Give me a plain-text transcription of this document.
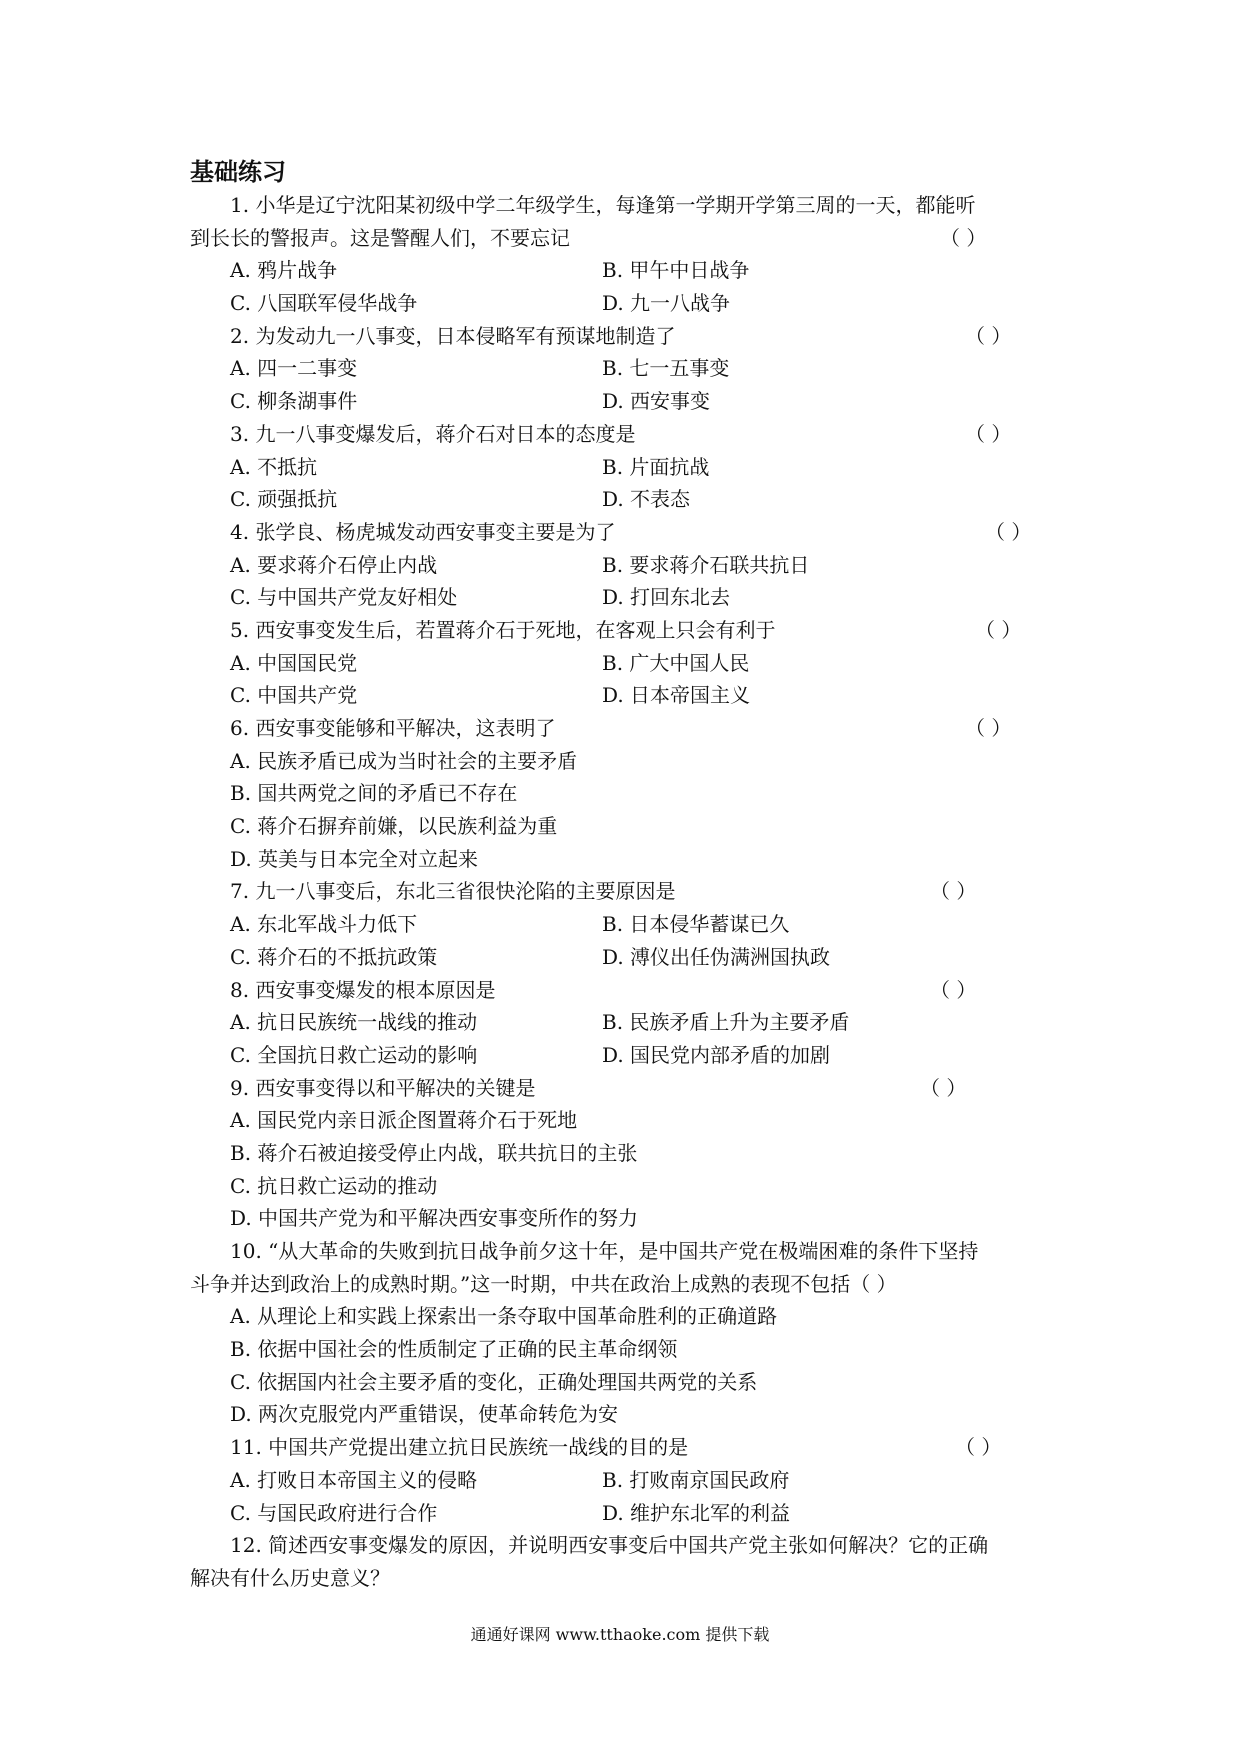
基础练习
1. 小华是辽宁沈阳某初级中学二年级学生，每逢第一学期开学第三周的一天，都能听
到长长的警报声。这是警醒人们，不要忘记	（ ）
A. 鸦片战争	B. 甲午中日战争
C. 八国联军侵华战争	D. 九一八战争
2. 为发动九一八事变，日本侵略军有预谋地制造了	（ ）
A. 四一二事变	B. 七一五事变
C. 柳条湖事件	D. 西安事变
3. 九一八事变爆发后，蒋介石对日本的态度是	（ ）
A. 不抵抗	B. 片面抗战
C. 顽强抵抗	D. 不表态
4. 张学良、杨虎城发动西安事变主要是为了	（ ）
A. 要求蒋介石停止内战	B. 要求蒋介石联共抗日
C. 与中国共产党友好相处	D. 打回东北去
5. 西安事变发生后，若置蒋介石于死地，在客观上只会有利于	（ ）
A. 中国国民党	B. 广大中国人民
C. 中国共产党	D. 日本帝国主义
6. 西安事变能够和平解决，这表明了	（ ）
A. 民族矛盾已成为当时社会的主要矛盾
B. 国共两党之间的矛盾已不存在
C. 蒋介石摒弃前嫌，以民族利益为重
D. 英美与日本完全对立起来
7. 九一八事变后，东北三省很快沦陷的主要原因是	（ ）
A. 东北军战斗力低下	B. 日本侵华蓄谋已久
C. 蒋介石的不抵抗政策	D. 溥仪出任伪满洲国执政
8. 西安事变爆发的根本原因是	（ ）
A. 抗日民族统一战线的推动	B. 民族矛盾上升为主要矛盾
C. 全国抗日救亡运动的影响	D. 国民党内部矛盾的加剧
9. 西安事变得以和平解决的关键是	（ ）
A. 国民党内亲日派企图置蒋介石于死地
B. 蒋介石被迫接受停止内战，联共抗日的主张
C. 抗日救亡运动的推动
D. 中国共产党为和平解决西安事变所作的努力
10. “从大革命的失败到抗日战争前夕这十年，是中国共产党在极端困难的条件下坚持
斗争并达到政治上的成熟时期。”这一时期，中共在政治上成熟的表现不包括（ ）
A. 从理论上和实践上探索出一条夺取中国革命胜利的正确道路
B. 依据中国社会的性质制定了正确的民主革命纲领
C. 依据国内社会主要矛盾的变化，正确处理国共两党的关系
D. 两次克服党内严重错误，使革命转危为安
11. 中国共产党提出建立抗日民族统一战线的目的是	（ ）
A. 打败日本帝国主义的侵略	B. 打败南京国民政府
C. 与国民政府进行合作	D. 维护东北军的利益
12. 简述西安事变爆发的原因，并说明西安事变后中国共产党主张如何解决？它的正确
解决有什么历史意义？
通通好课网 www.tthaoke.com 提供下载
